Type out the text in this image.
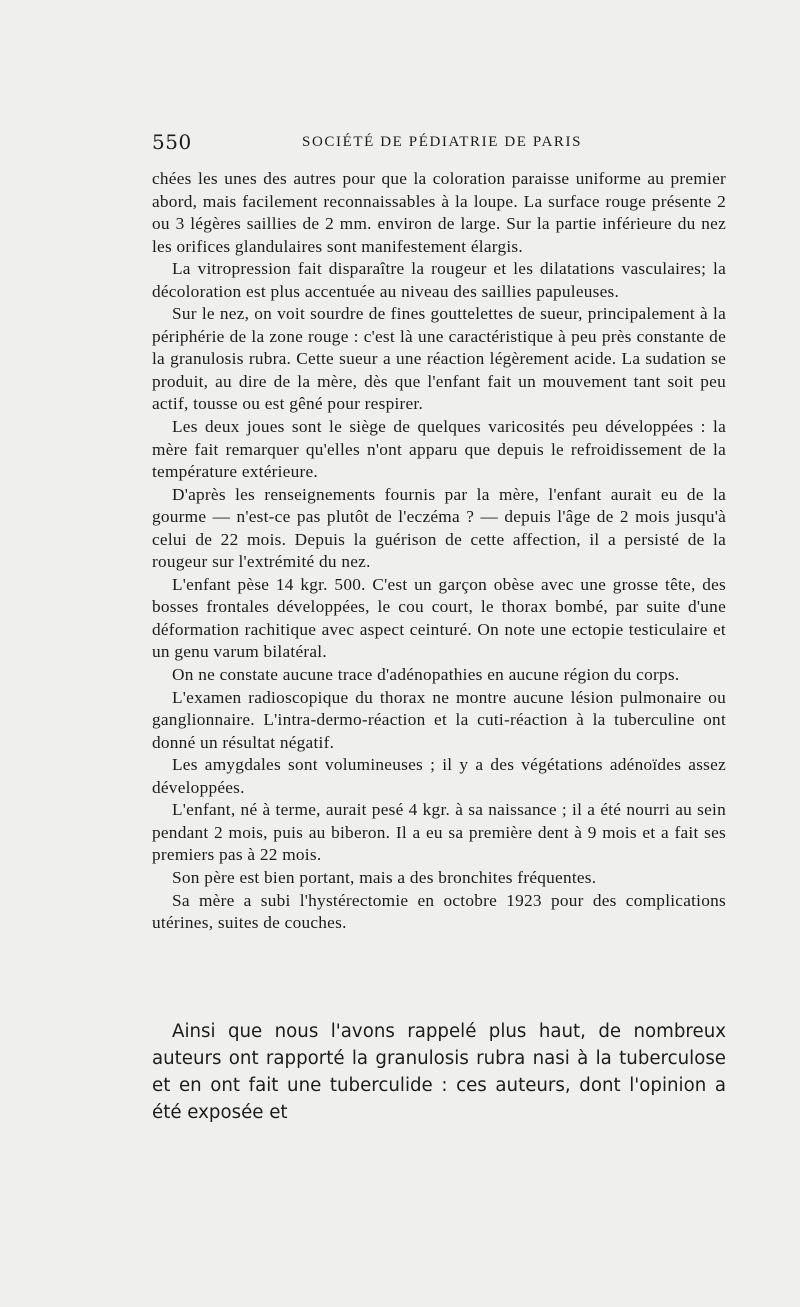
550	SOCIÉTÉ DE PÉDIATRIE DE PARIS

chées les unes des autres pour que la coloration paraisse uniforme au premier abord, mais facilement reconnaissables à la loupe. La surface rouge présente 2 ou 3 légères saillies de 2 mm. environ de large. Sur la partie inférieure du nez les orifices glandulaires sont manifestement élargis.

La vitropression fait disparaître la rougeur et les dilatations vasculaires; la décoloration est plus accentuée au niveau des saillies papuleuses.

Sur le nez, on voit sourdre de fines gouttelettes de sueur, principalement à la périphérie de la zone rouge : c'est là une caractéristique à peu près constante de la granulosis rubra. Cette sueur a une réaction légèrement acide. La sudation se produit, au dire de la mère, dès que l'enfant fait un mouvement tant soit peu actif, tousse ou est gêné pour respirer.

Les deux joues sont le siège de quelques varicosités peu développées : la mère fait remarquer qu'elles n'ont apparu que depuis le refroidissement de la température extérieure.

D'après les renseignements fournis par la mère, l'enfant aurait eu de la gourme — n'est-ce pas plutôt de l'eczéma ? — depuis l'âge de 2 mois jusqu'à celui de 22 mois. Depuis la guérison de cette affection, il a persisté de la rougeur sur l'extrémité du nez.

L'enfant pèse 14 kgr. 500. C'est un garçon obèse avec une grosse tête, des bosses frontales développées, le cou court, le thorax bombé, par suite d'une déformation rachitique avec aspect ceinturé. On note une ectopie testiculaire et un genu varum bilatéral.

On ne constate aucune trace d'adénopathies en aucune région du corps.

L'examen radioscopique du thorax ne montre aucune lésion pulmonaire ou ganglionnaire. L'intra-dermo-réaction et la cuti-réaction à la tuberculine ont donné un résultat négatif.

Les amygdales sont volumineuses ; il y a des végétations adénoïdes assez développées.

L'enfant, né à terme, aurait pesé 4 kgr. à sa naissance ; il a été nourri au sein pendant 2 mois, puis au biberon. Il a eu sa première dent à 9 mois et a fait ses premiers pas à 22 mois.

Son père est bien portant, mais a des bronchites fréquentes.

Sa mère a subi l'hystérectomie en octobre 1923 pour des complications utérines, suites de couches.

Ainsi que nous l'avons rappelé plus haut, de nombreux auteurs ont rapporté la granulosis rubra nasi à la tuberculose et en ont fait une tuberculide : ces auteurs, dont l'opinion a été exposée et
